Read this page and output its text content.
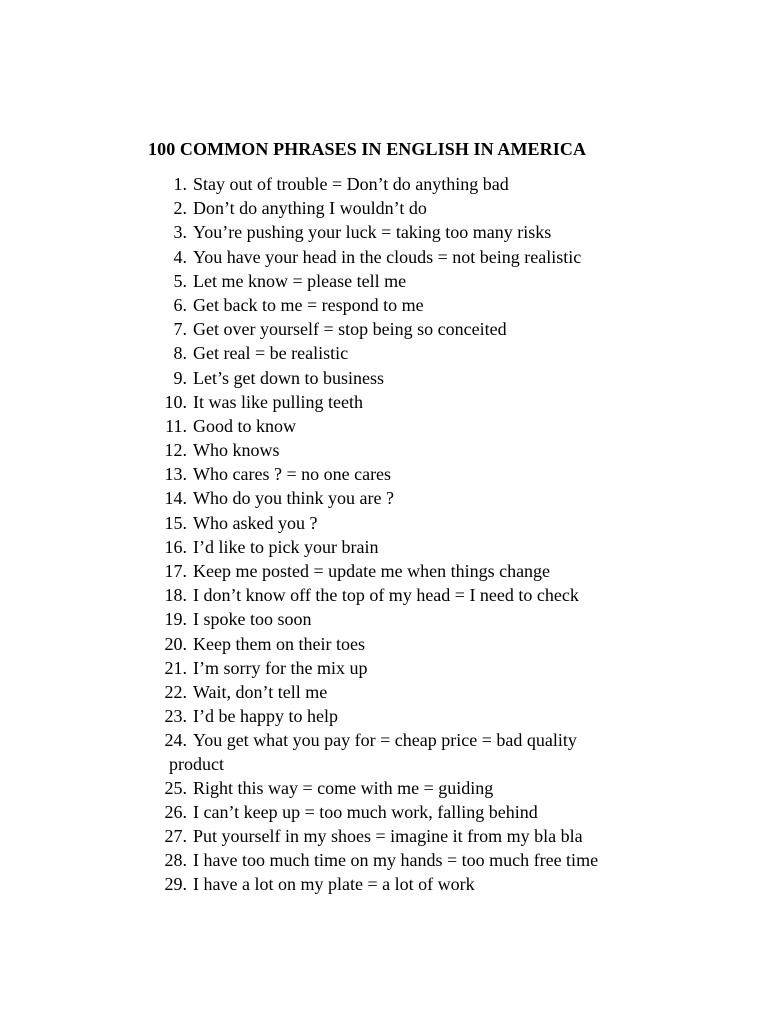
100 COMMON PHRASES IN ENGLISH IN AMERICA
1. Stay out of trouble = Don’t do anything bad
2. Don’t do anything I wouldn’t do
3. You’re pushing your luck = taking too many risks
4. You have your head in the clouds = not being realistic
5. Let me know = please tell me
6. Get back to me = respond to me
7. Get over yourself = stop being so conceited
8. Get real = be realistic
9. Let’s get down to business
10. It was like pulling teeth
11. Good to know
12. Who knows
13. Who cares ? = no one cares
14. Who do you think you are ?
15. Who asked you ?
16. I’d like to pick your brain
17. Keep me posted = update me when things change
18. I don’t know off the top of my head = I need to check
19. I spoke too soon
20. Keep them on their toes
21. I’m sorry for the mix up
22. Wait, don’t tell me
23. I’d be happy to help
24. You get what you pay for = cheap price = bad quality
product
25. Right this way = come with me = guiding
26. I can’t keep up = too much work, falling behind
27. Put yourself in my shoes = imagine it from my bla bla
28. I have too much time on my hands = too much free time
29. I have a lot on my plate = a lot of work
